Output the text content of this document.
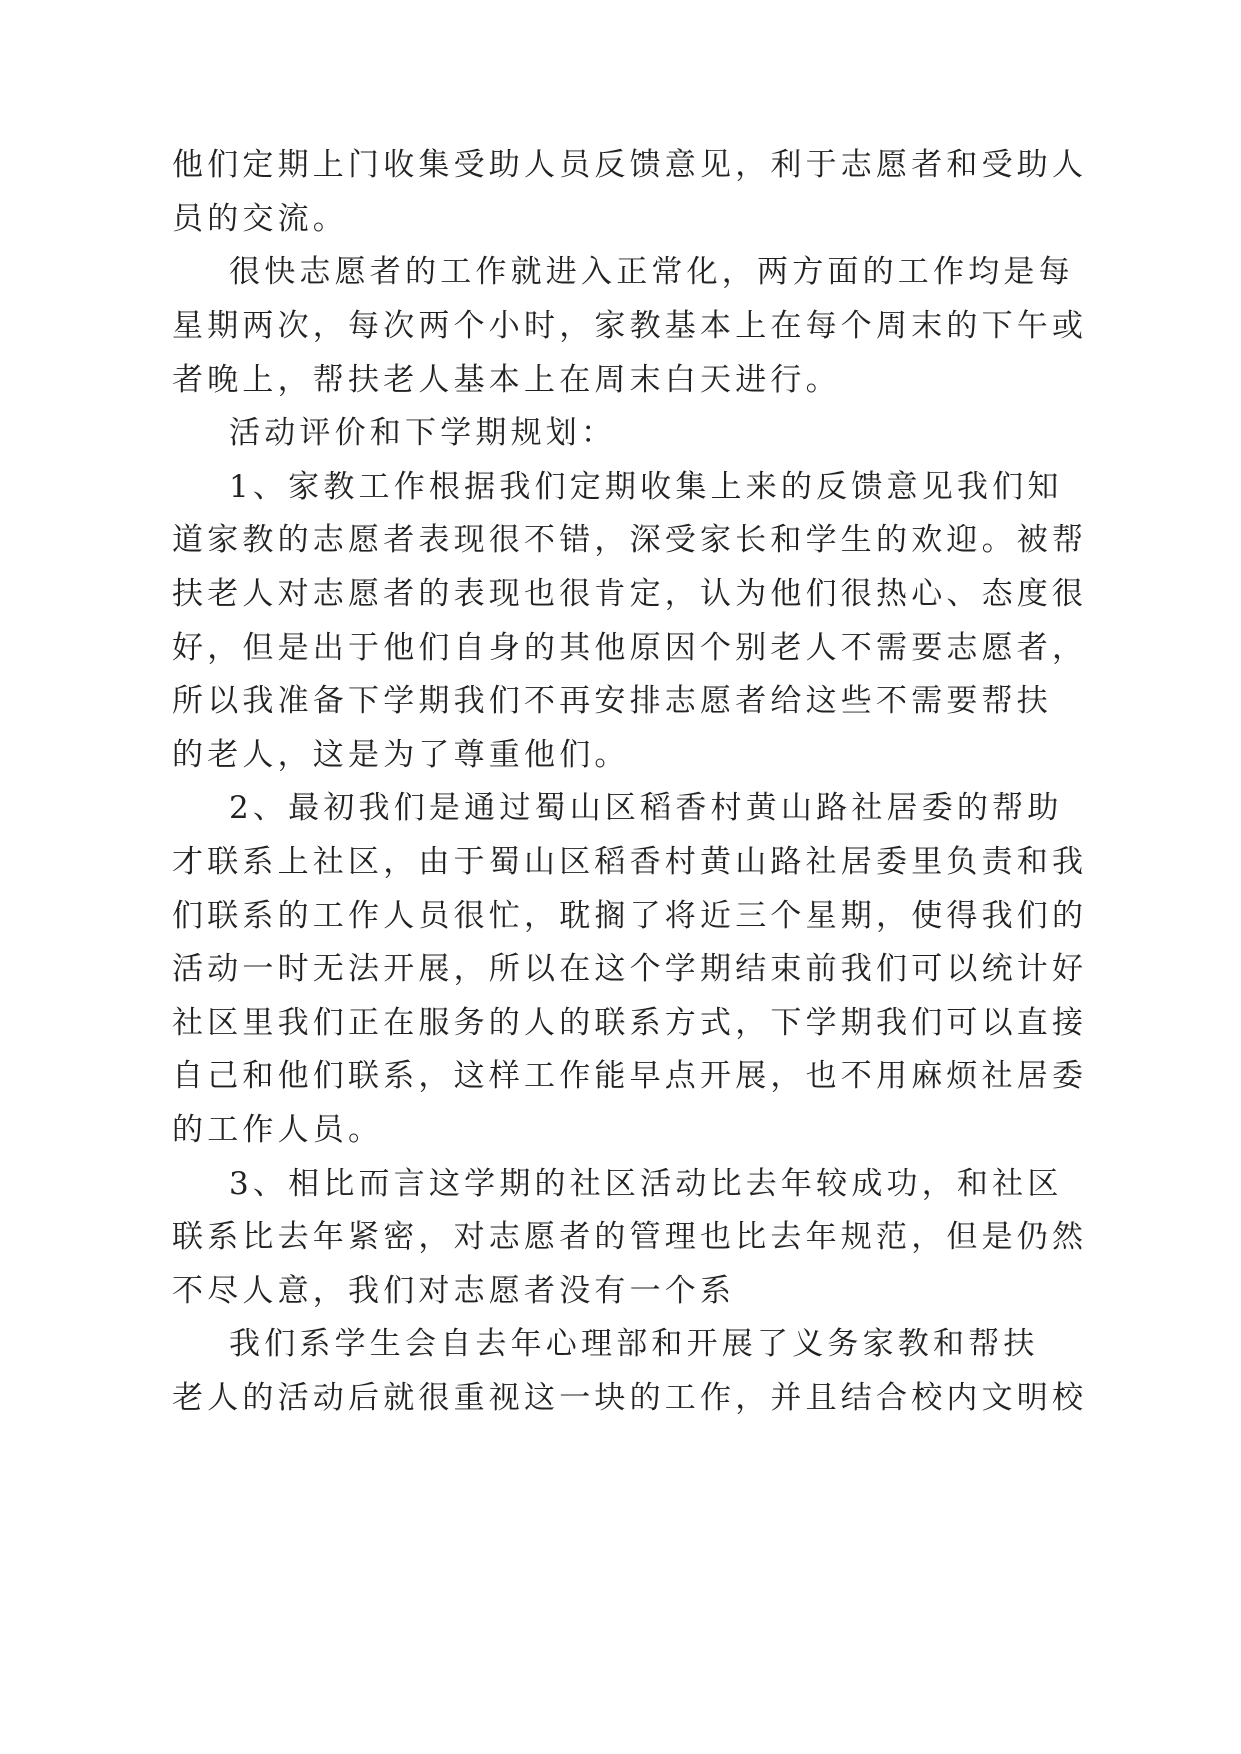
他们定期上门收集受助人员反馈意见，利于志愿者和受助人
员的交流。
很快志愿者的工作就进入正常化，两方面的工作均是每
星期两次，每次两个小时，家教基本上在每个周末的下午或
者晚上，帮扶老人基本上在周末白天进行。
活动评价和下学期规划：
1、家教工作根据我们定期收集上来的反馈意见我们知
道家教的志愿者表现很不错，深受家长和学生的欢迎。被帮
扶老人对志愿者的表现也很肯定，认为他们很热心、态度很
好，但是出于他们自身的其他原因个别老人不需要志愿者，
所以我准备下学期我们不再安排志愿者给这些不需要帮扶
的老人，这是为了尊重他们。
2、最初我们是通过蜀山区稻香村黄山路社居委的帮助
才联系上社区，由于蜀山区稻香村黄山路社居委里负责和我
们联系的工作人员很忙，耽搁了将近三个星期，使得我们的
活动一时无法开展，所以在这个学期结束前我们可以统计好
社区里我们正在服务的人的联系方式，下学期我们可以直接
自己和他们联系，这样工作能早点开展，也不用麻烦社居委
的工作人员。
3、相比而言这学期的社区活动比去年较成功，和社区
联系比去年紧密，对志愿者的管理也比去年规范，但是仍然
不尽人意，我们对志愿者没有一个系
我们系学生会自去年心理部和开展了义务家教和帮扶
老人的活动后就很重视这一块的工作，并且结合校内文明校
